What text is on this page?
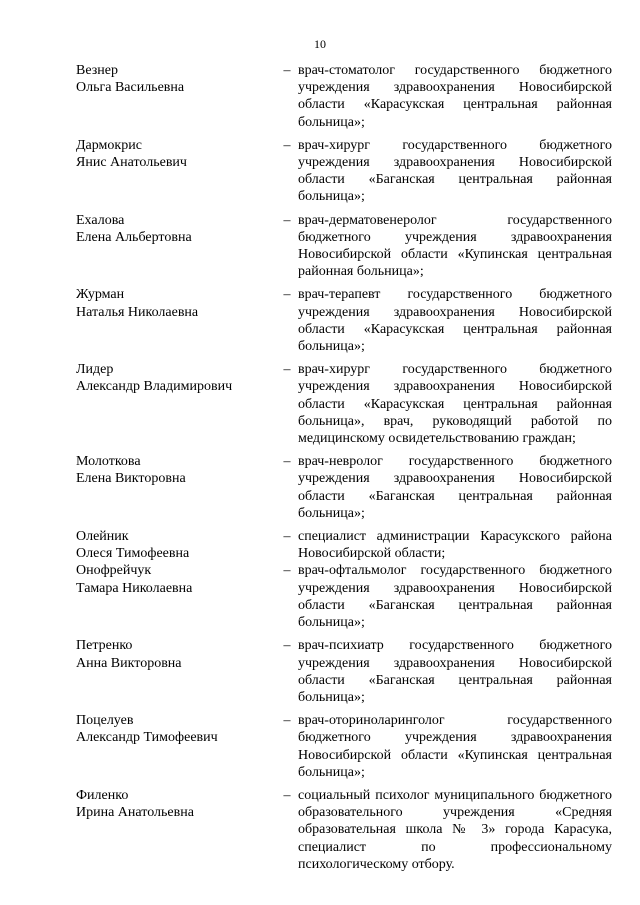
10
Везнер
Ольга Васильевна
– врач-стоматолог государственного бюджетного учреждения здравоохранения Новосибирской области «Карасукская центральная районная больница»;
Дармокрис
Янис Анатольевич
– врач-хирург государственного бюджетного учреждения здравоохранения Новосибирской области «Баганская центральная районная больница»;
Ехалова
Елена Альбертовна
– врач-дерматовенеролог государственного бюджетного учреждения здравоохранения Новосибирской области «Купинская центральная районная больница»;
Журман
Наталья Николаевна
– врач-терапевт государственного бюджетного учреждения здравоохранения Новосибирской области «Карасукская центральная районная больница»;
Лидер
Александр Владимирович
– врач-хирург государственного бюджетного учреждения здравоохранения Новосибирской области «Карасукская центральная районная больница», врач, руководящий работой по медицинскому освидетельствованию граждан;
Молоткова
Елена Викторовна
– врач-невролог государственного бюджетного учреждения здравоохранения Новосибирской области «Баганская центральная районная больница»;
Олейник
Олеся Тимофеевна
– специалист администрации Карасукского района Новосибирской области;
Онофрейчук
Тамара Николаевна
– врач-офтальмолог государственного бюджетного учреждения здравоохранения Новосибирской области «Баганская центральная районная больница»;
Петренко
Анна Викторовна
– врач-психиатр государственного бюджетного учреждения здравоохранения Новосибирской области «Баганская центральная районная больница»;
Поцелуев
Александр Тимофеевич
– врач-оториноларинголог государственного бюджетного учреждения здравоохранения Новосибирской области «Купинская центральная больница»;
Филенко
Ирина Анатольевна
– социальный психолог муниципального бюджетного образовательного учреждения «Средняя образовательная школа № 3» города Карасука, специалист по профессиональному психологическому отбору.
